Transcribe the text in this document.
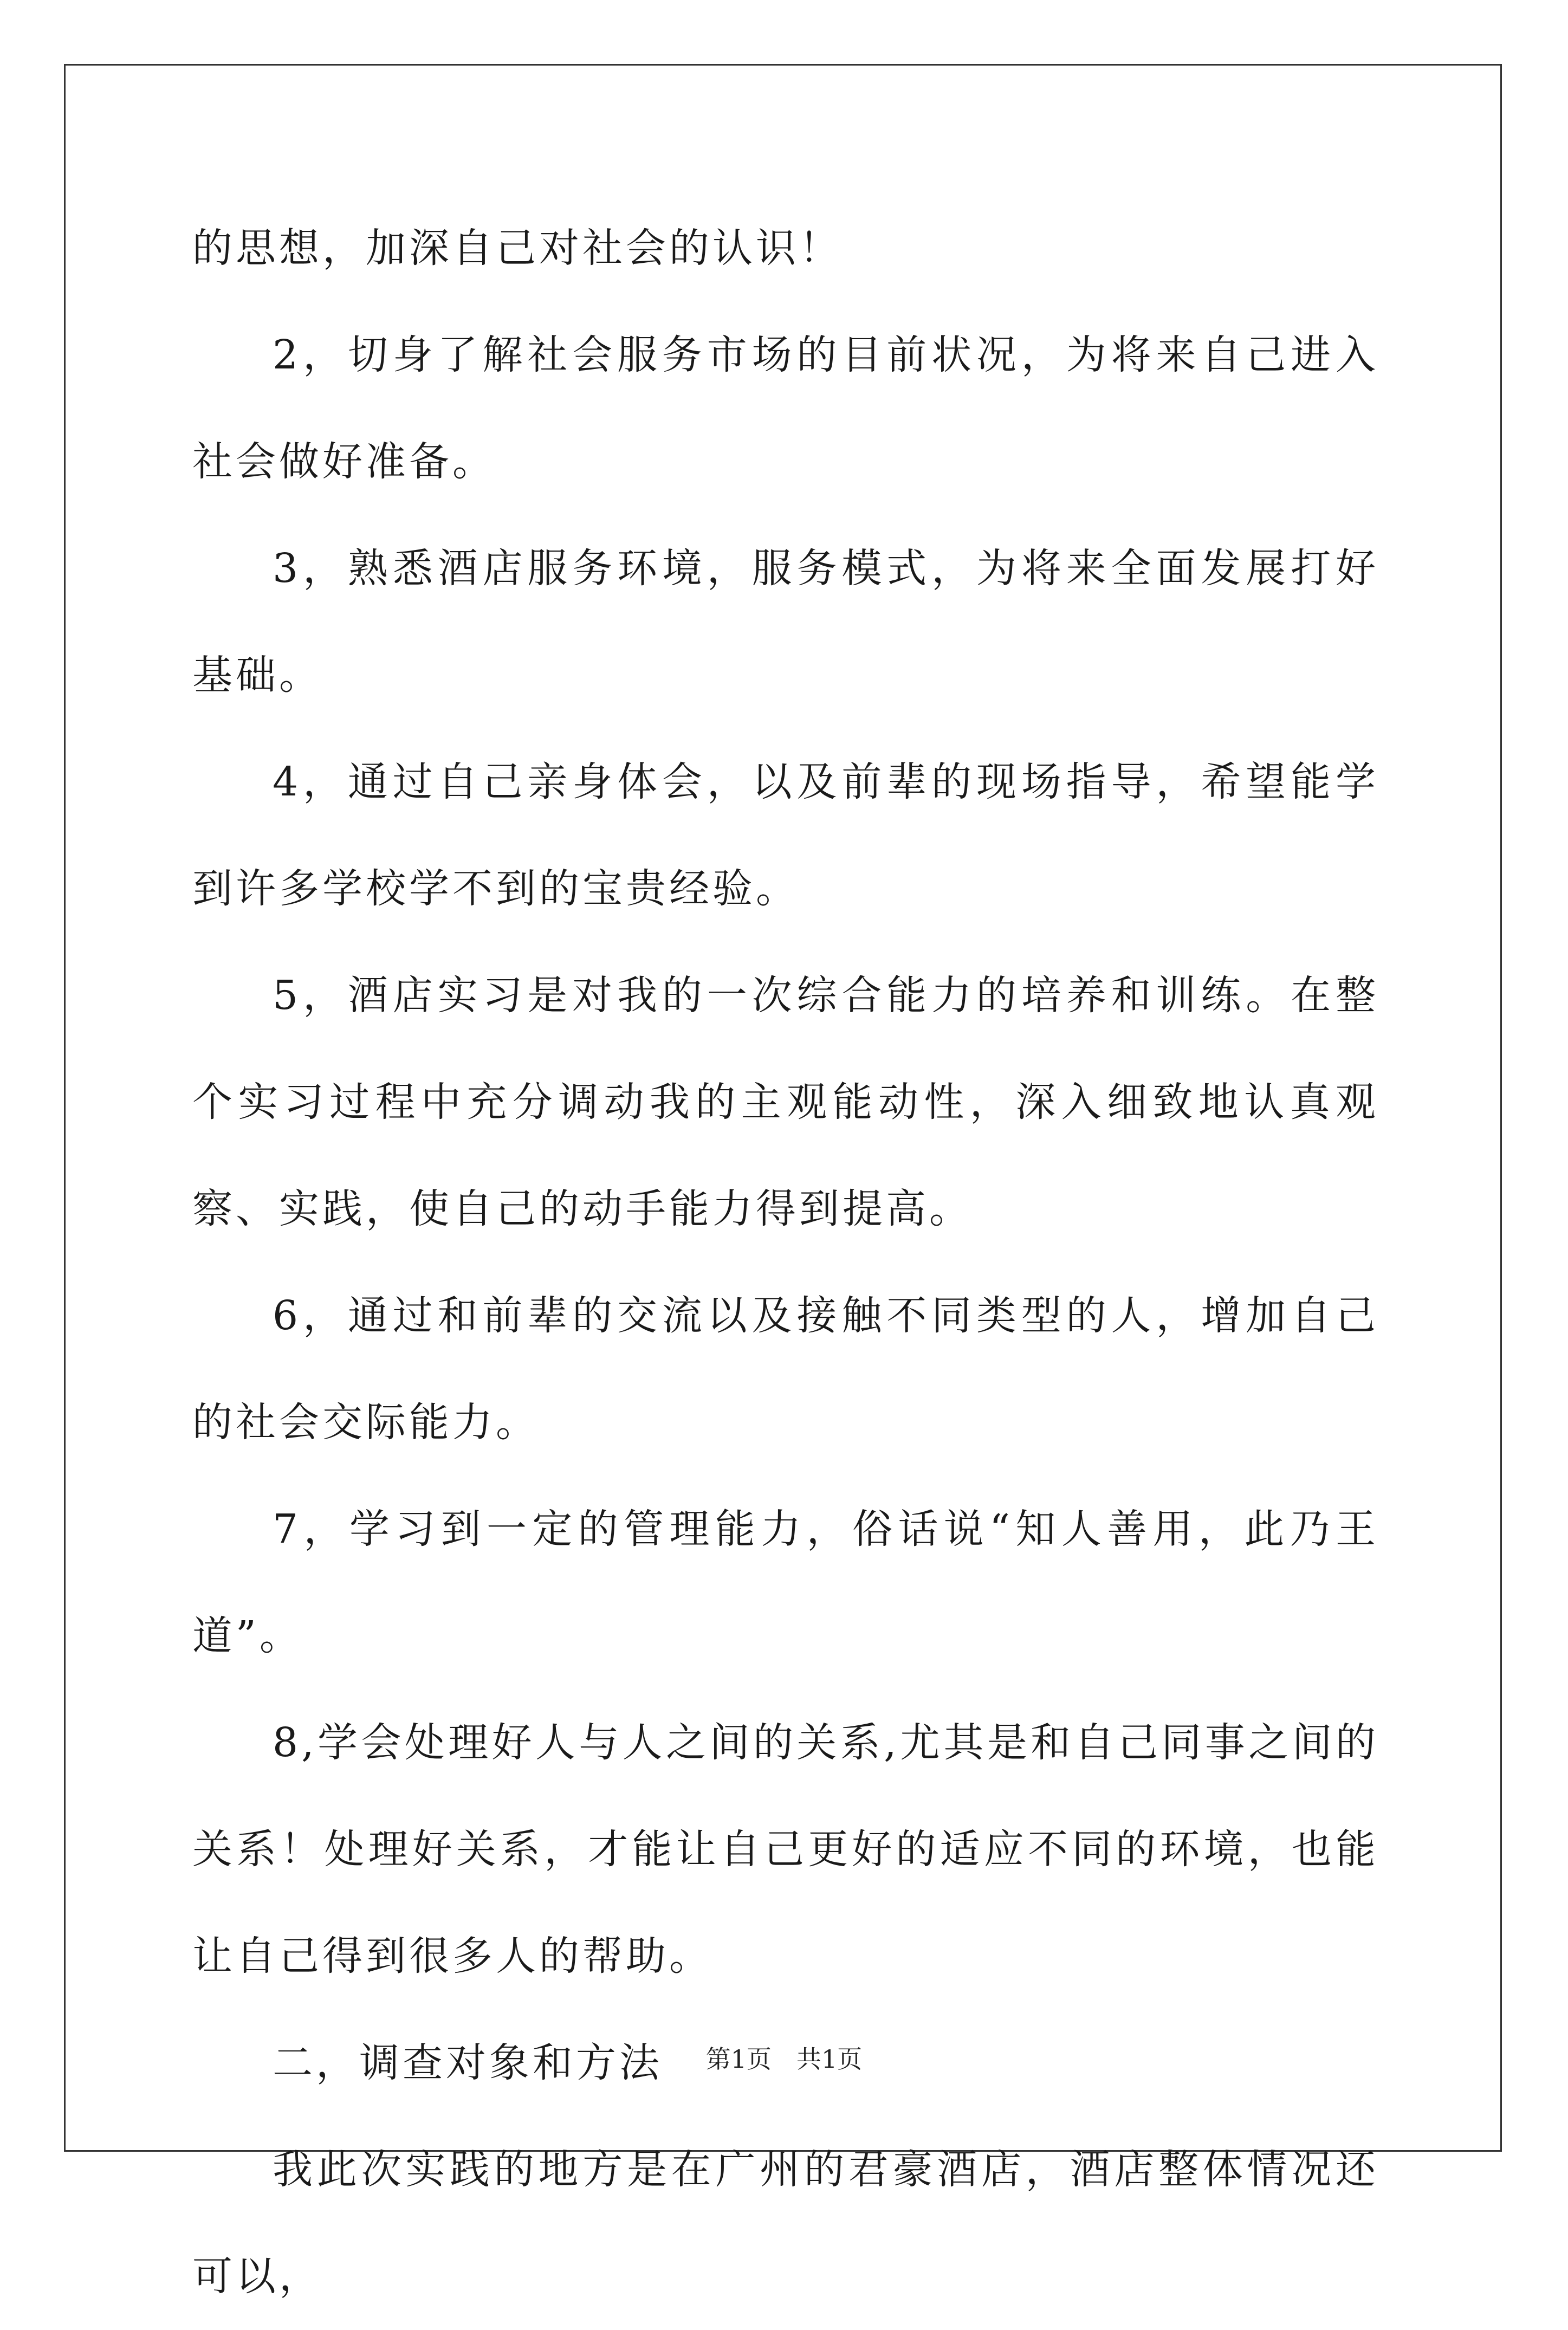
的思想，加深自己对社会的认识！

2，切身了解社会服务市场的目前状况，为将来自己进入社会做好准备。

3，熟悉酒店服务环境，服务模式，为将来全面发展打好基础。

4，通过自己亲身体会，以及前辈的现场指导，希望能学到许多学校学不到的宝贵经验。

5，酒店实习是对我的一次综合能力的培养和训练。在整个实习过程中充分调动我的主观能动性，深入细致地认真观察、实践，使自己的动手能力得到提高。

6，通过和前辈的交流以及接触不同类型的人，增加自己的社会交际能力。

7，学习到一定的管理能力，俗话说“知人善用，此乃王道”。

8,学会处理好人与人之间的关系,尤其是和自己同事之间的关系！处理好关系，才能让自己更好的适应不同的环境，也能让自己得到很多人的帮助。

二，调查对象和方法

我此次实践的地方是在广州的君豪酒店，酒店整体情况还可以，

第1页　共1页
